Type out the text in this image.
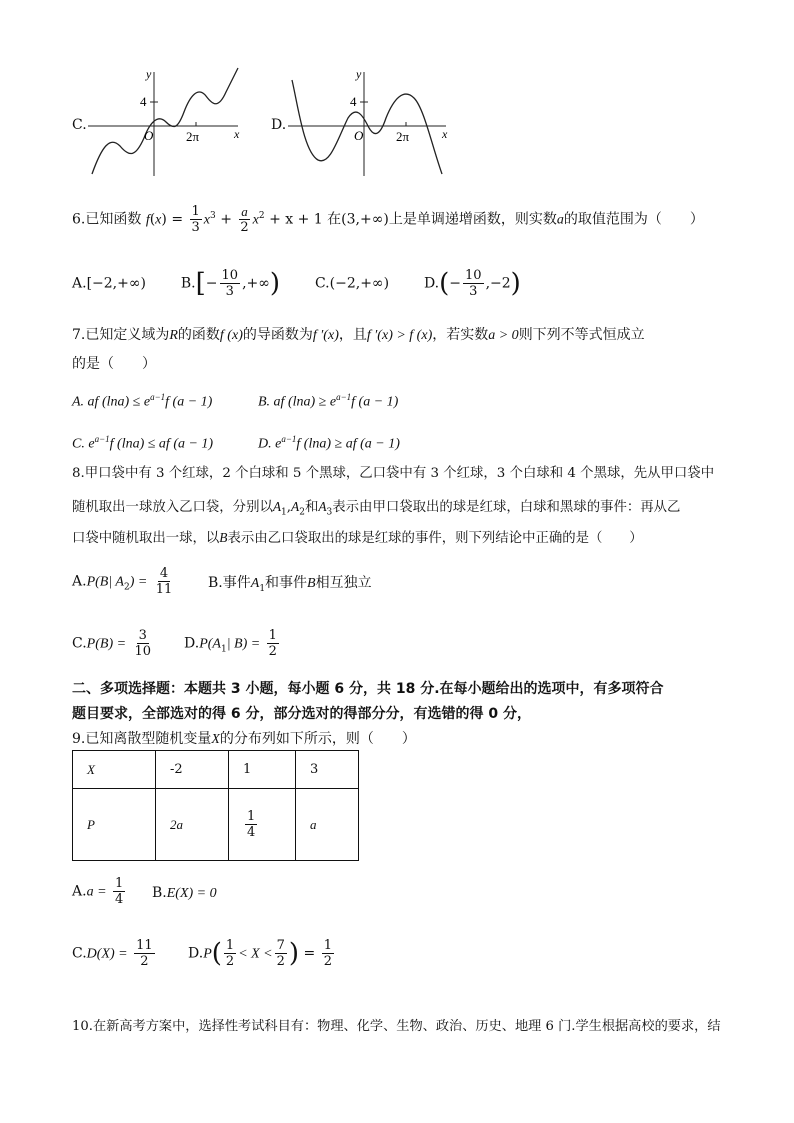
C.
y
4
O	2π	x
D.
y
4
O	2π	x
6.已知函数 $f(x) = \frac{1}{3} x^3 + \frac{a}{2} x^2 + x + 1$ 在(3,+∞)上是单调递增函数，则实数a的取值范围为（　　）
A.[−2,+∞) $B.[- \frac{10}{3}$ ,+∞) C.(−2,+∞) $D.(- \frac{10}{3} ,-2)$
7.已知定义域为R的函数f (x)的导函数为f ′(x)，且f ′(x) > f (x)，若实数a > 0则下列不等式恒成立
的是（　　）
A. af $(\ln a) \le e^{a-1}f$ (a − 1)	B. af $(\ln a) \ge e^{a-1}f$ (a − 1)
C. $e^{a-1}f$ (lna) ≤ af (a − 1)	D. $e^{a-1}f$ (lna) ≥ af (a − 1)
8.甲口袋中有 3 个红球，2 个白球和 5 个黑球，乙口袋中有 3 个红球，3 个白球和 4 个黑球，先从甲口袋中
随机取出一球放入乙口袋，分别以$A_1,A_2$和$A_3$表示由甲口袋取出的球是红球，白球和黑球的事件：再从乙
口袋中随机取出一球，以B表示由乙口袋取出的球是红球的事件，则下列结论中正确的是（　　）
A.P(B| $A_2) = \frac{4}{11} B$.事件$A_1$和事件B相互独立
$C.P(B) = \frac{3}{10} D.P(A_1|$ $B) = \frac{1}{2}$
二、多项选择题：本题共 3 小题，每小题 6 分，共 18 分.在每小题给出的选项中，有多项符合
题目要求，全部选对的得 6 分，部分选对的得部分分，有选错的得 0 分，
9.已知离散型随机变量X的分布列如下所示，则（　　）
X	-2	1	3
P	2a	$\frac{1}{4}$	a
$A.a = \frac{1}{4} B.E(X) = 0$
$C.D(X) = \frac{11}{2} D.P( \frac{1}{2} < X < \frac{7}{2}$ ) = $\frac{1}{2}$
10.在新高考方案中，选择性考试科目有：物理、化学、生物、政治、历史、地理 6 门.学生根据高校的要求，结
